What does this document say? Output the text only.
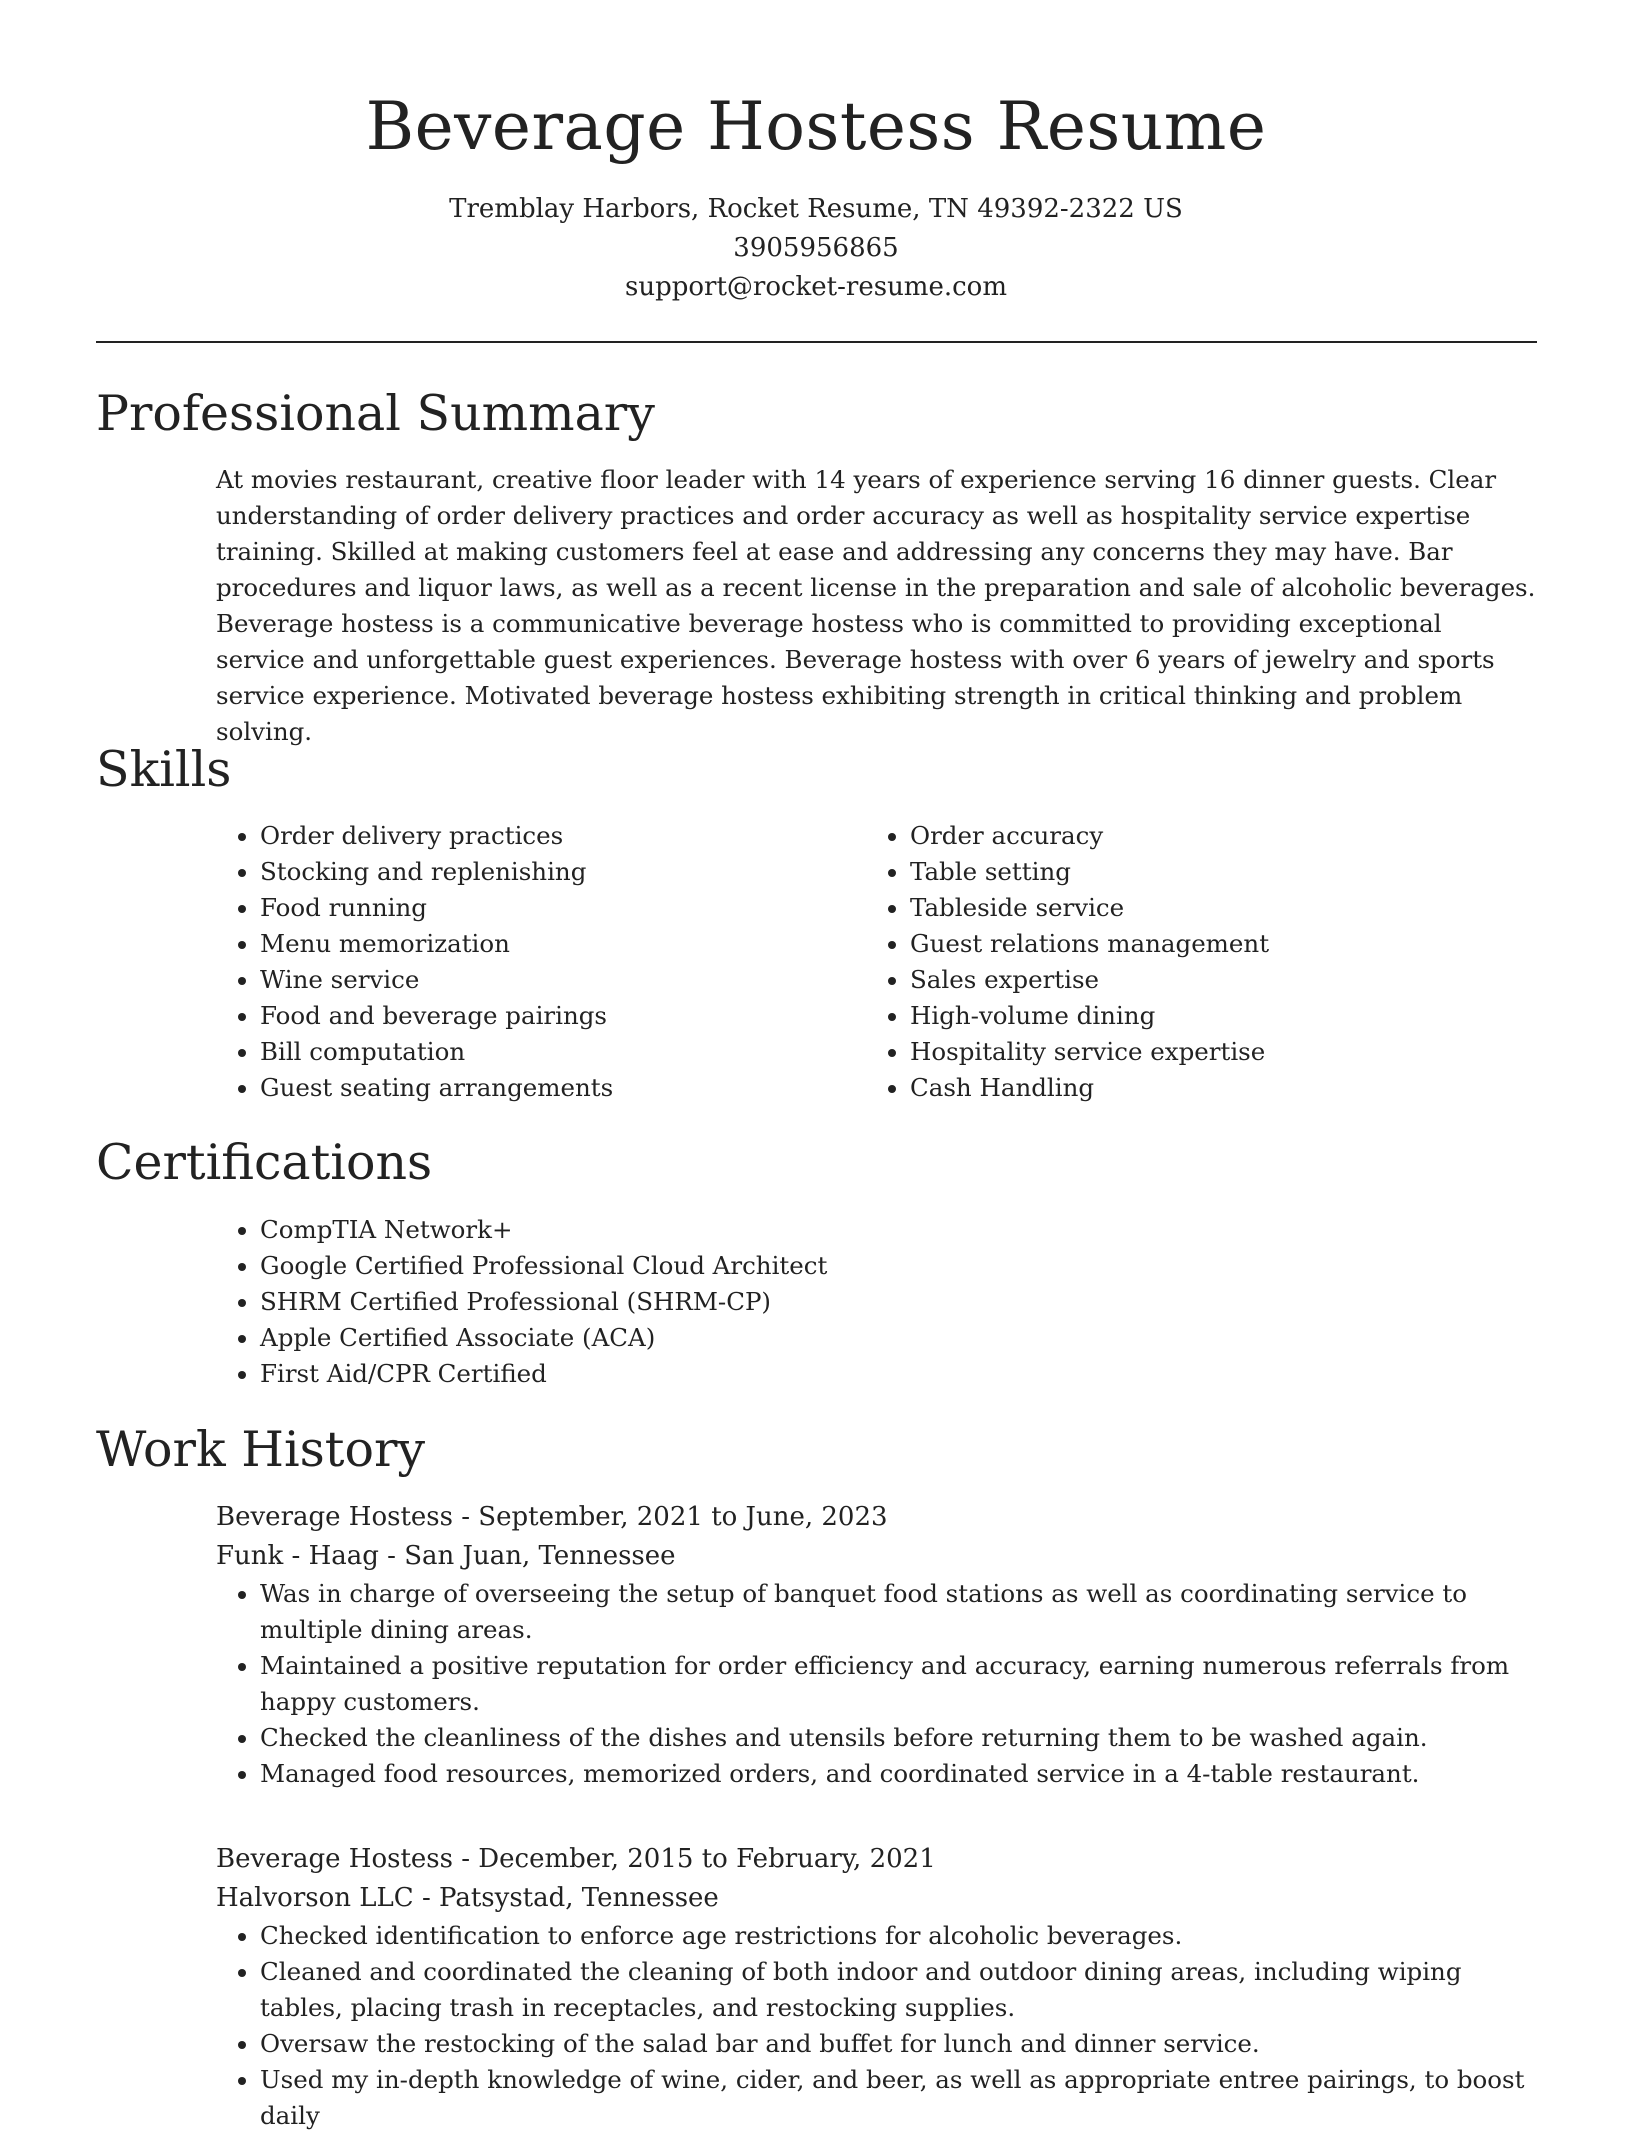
Beverage Hostess Resume
Tremblay Harbors, Rocket Resume, TN 49392-2322 US
3905956865
support@rocket-resume.com
Professional Summary

At movies restaurant, creative floor leader with 14 years of experience serving 16 dinner guests. Clear understanding of order delivery practices and order accuracy as well as hospitality service expertise training. Skilled at making customers feel at ease and addressing any concerns they may have. Bar procedures and liquor laws, as well as a recent license in the preparation and sale of alcoholic beverages. Beverage hostess is a communicative beverage hostess who is committed to providing exceptional service and unforgettable guest experiences. Beverage hostess with over 6 years of jewelry and sports service experience. Motivated beverage hostess exhibiting strength in critical thinking and problem solving.

Skills
• Order delivery practices
• Stocking and replenishing
• Food running
• Menu memorization
• Wine service
• Food and beverage pairings
• Bill computation
• Guest seating arrangements
• Order accuracy
• Table setting
• Tableside service
• Guest relations management
• Sales expertise
• High-volume dining
• Hospitality service expertise
• Cash Handling
Certifications
• CompTIA Network+
• Google Certified Professional Cloud Architect
• SHRM Certified Professional (SHRM-CP)
• Apple Certified Associate (ACA)
• First Aid/CPR Certified
Work History
Beverage Hostess - September, 2021 to June, 2023
Funk - Haag - San Juan, Tennessee
• Was in charge of overseeing the setup of banquet food stations as well as coordinating service to multiple dining areas.
• Maintained a positive reputation for order efficiency and accuracy, earning numerous referrals from happy customers.
• Checked the cleanliness of the dishes and utensils before returning them to be washed again.
• Managed food resources, memorized orders, and coordinated service in a 4-table restaurant.
Beverage Hostess - December, 2015 to February, 2021
Halvorson LLC - Patsystad, Tennessee
• Checked identification to enforce age restrictions for alcoholic beverages.
• Cleaned and coordinated the cleaning of both indoor and outdoor dining areas, including wiping tables, placing trash in receptacles, and restocking supplies.
• Oversaw the restocking of the salad bar and buffet for lunch and dinner service.
• Used my in-depth knowledge of wine, cider, and beer, as well as appropriate entree pairings, to boost daily
